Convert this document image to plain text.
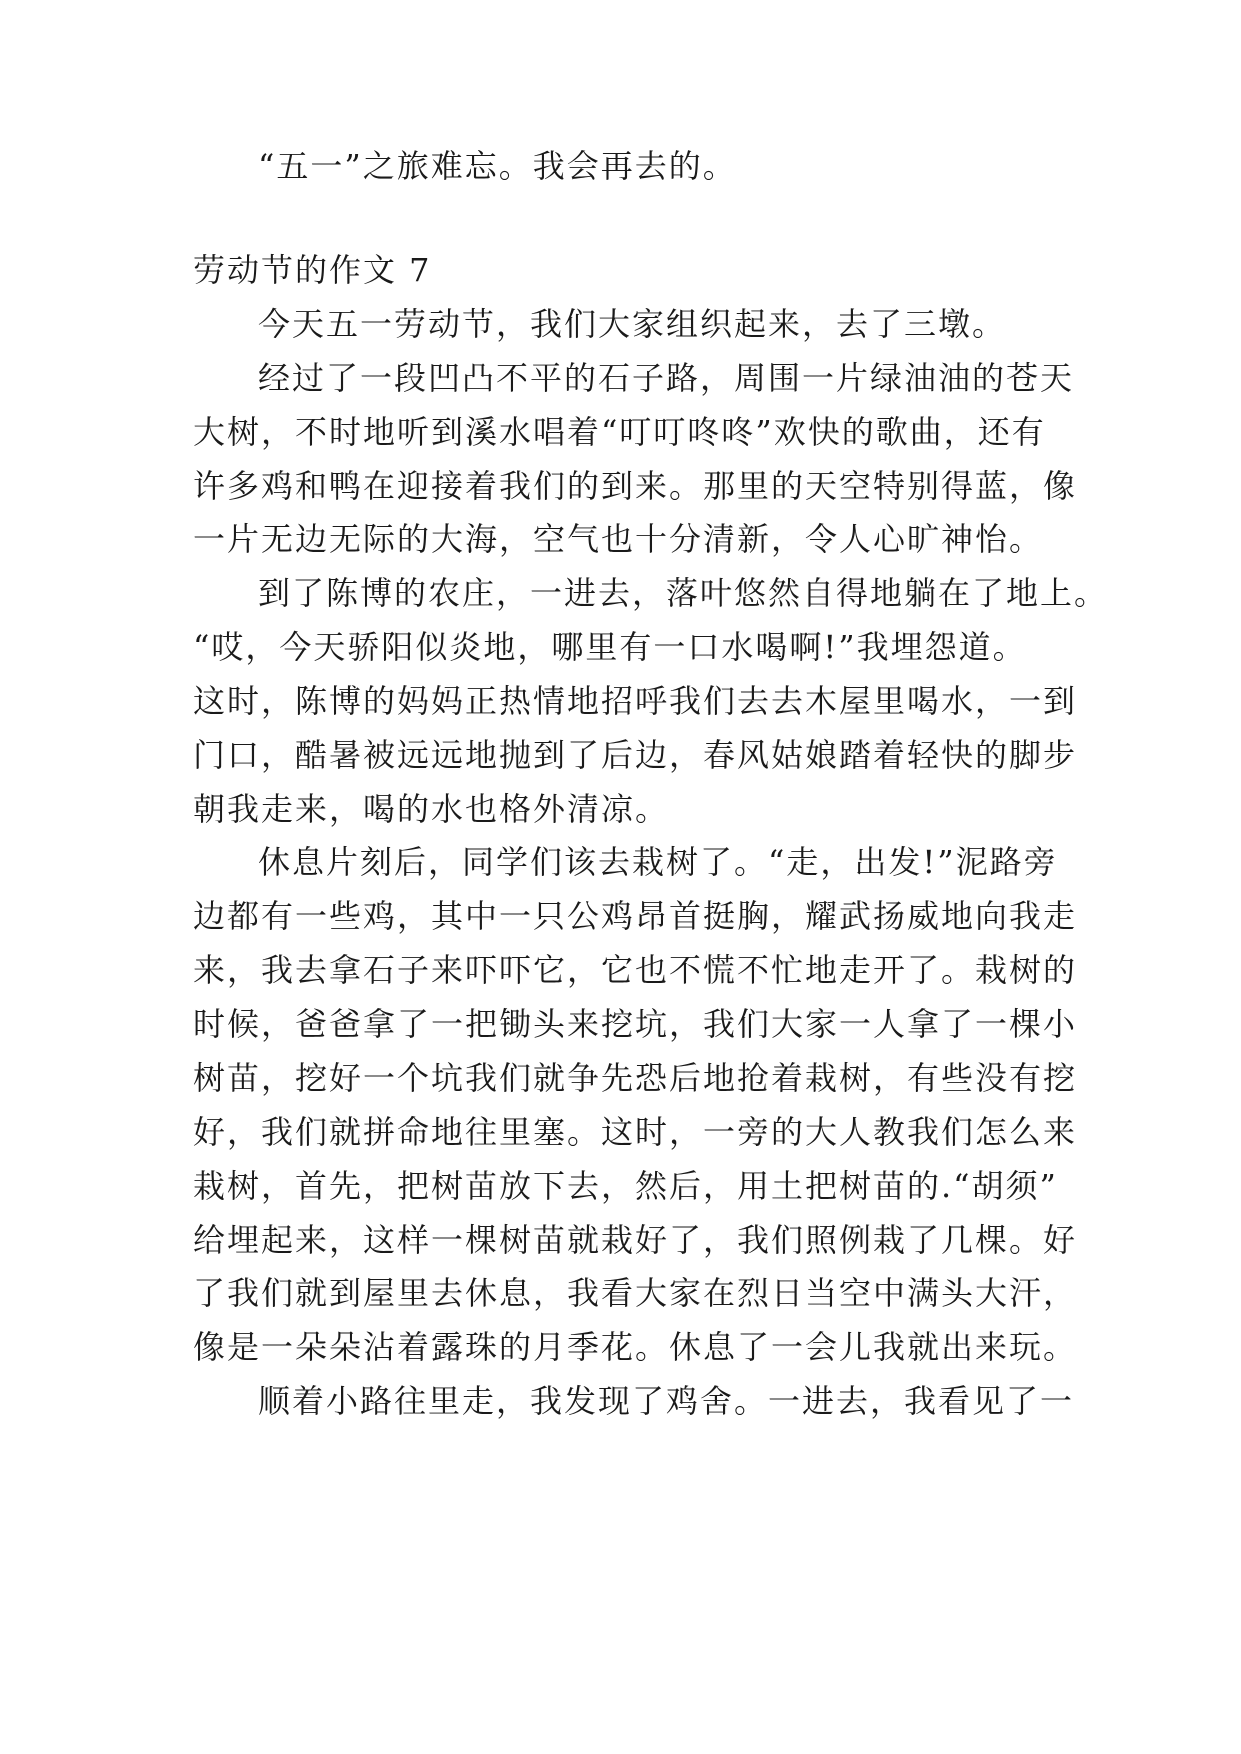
“五一”之旅难忘。我会再去的。
劳动节的作文 7
今天五一劳动节，我们大家组织起来，去了三墩。
经过了一段凹凸不平的石子路，周围一片绿油油的苍天
大树，不时地听到溪水唱着“叮叮咚咚”欢快的歌曲，还有
许多鸡和鸭在迎接着我们的到来。那里的天空特别得蓝，像
一片无边无际的大海，空气也十分清新，令人心旷神怡。
到了陈博的农庄，一进去，落叶悠然自得地躺在了地上。
“哎，今天骄阳似炎地，哪里有一口水喝啊!”我埋怨道。
这时，陈博的妈妈正热情地招呼我们去去木屋里喝水，一到
门口，酷暑被远远地抛到了后边，春风姑娘踏着轻快的脚步
朝我走来，喝的水也格外清凉。
休息片刻后，同学们该去栽树了。“走，出发!”泥路旁
边都有一些鸡，其中一只公鸡昂首挺胸，耀武扬威地向我走
来，我去拿石子来吓吓它，它也不慌不忙地走开了。栽树的
时候，爸爸拿了一把锄头来挖坑，我们大家一人拿了一棵小
树苗，挖好一个坑我们就争先恐后地抢着栽树，有些没有挖
好，我们就拼命地往里塞。这时，一旁的大人教我们怎么来
栽树，首先，把树苗放下去，然后，用土把树苗的.“胡须”
给埋起来，这样一棵树苗就栽好了，我们照例栽了几棵。好
了我们就到屋里去休息，我看大家在烈日当空中满头大汗，
像是一朵朵沾着露珠的月季花。休息了一会儿我就出来玩。
顺着小路往里走，我发现了鸡舍。一进去，我看见了一
